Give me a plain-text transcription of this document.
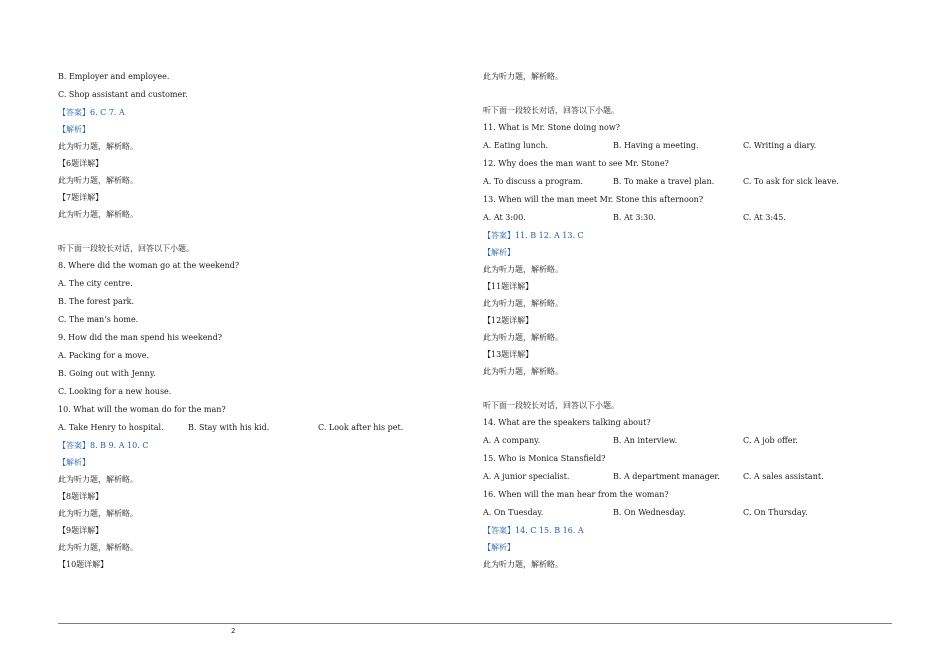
B. Employer and employee.
C. Shop assistant and customer.
【答案】6. C 7. A
【解析】
此为听力题，解析略。
【6题详解】
此为听力题，解析略。
【7题详解】
此为听力题，解析略。
听下面一段较长对话，回答以下小题。
8. Where did the woman go at the weekend?
A. The city centre.
B. The forest park.
C. The man’s home.
9. How did the man spend his weekend?
A. Packing for a move.
B. Going out with Jenny.
C. Looking for a new house.
10. What will the woman do for the man?
A. Take Henry to hospital.	B. Stay with his kid.	C. Look after his pet.
【答案】8. B 9. A 10. C
【解析】
此为听力题，解析略。
【8题详解】
此为听力题，解析略。
【9题详解】
此为听力题，解析略。
【10题详解】
此为听力题，解析略。
听下面一段较长对话，回答以下小题。
11. What is Mr. Stone doing now?
A. Eating lunch.	B. Having a meeting.	C. Writing a diary.
12. Why does the man want to see Mr. Stone?
A. To discuss a program.	B. To make a travel plan.	C. To ask for sick leave.
13. When will the man meet Mr. Stone this afternoon?
A. At 3:00.	B. At 3:30.	C. At 3:45.
【答案】11. B 12. A 13. C
【解析】
此为听力题，解析略。
【11题详解】
此为听力题，解析略。
【12题详解】
此为听力题，解析略。
【13题详解】
此为听力题，解析略。
听下面一段较长对话，回答以下小题。
14. What are the speakers talking about?
A. A company.	B. An interview.	C. A job offer.
15. Who is Monica Stansfield?
A. A junior specialist.	B. A department manager.	C. A sales assistant.
16. When will the man hear from the woman?
A. On Tuesday.	B. On Wednesday.	C. On Thursday.
【答案】14. C 15. B 16. A
【解析】
此为听力题，解析略。
2
